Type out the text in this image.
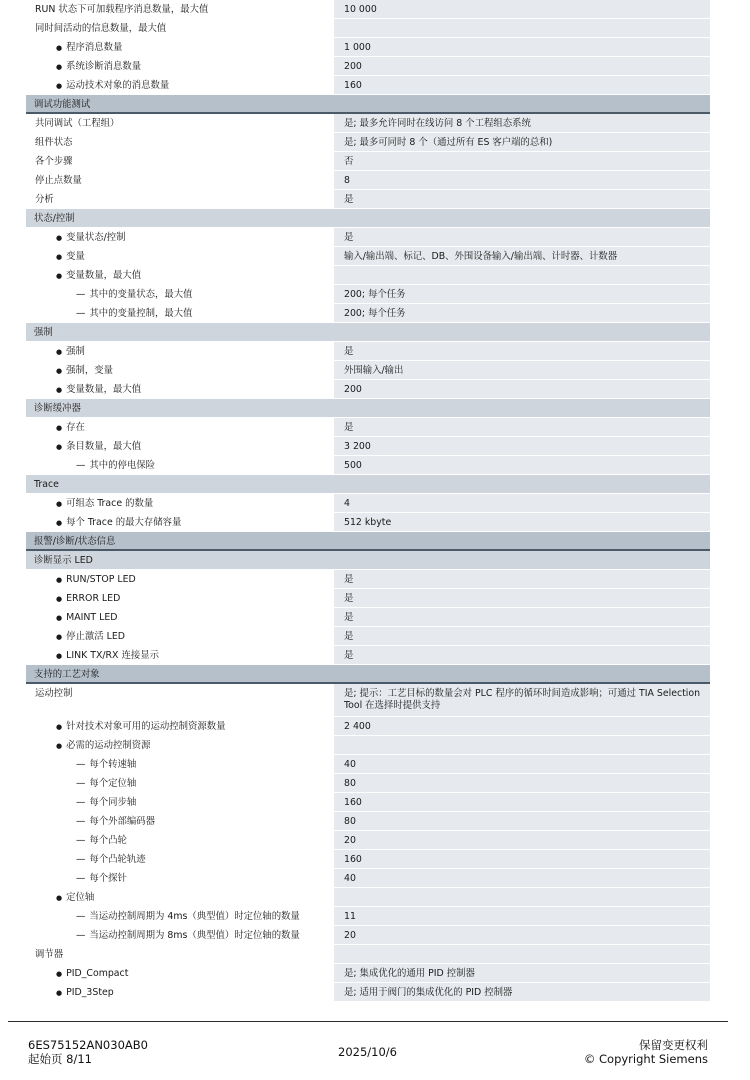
RUN 状态下可加载程序消息数量，最大值	10 000
同时间活动的信息数量，最大值
● 程序消息数量	1 000
● 系统诊断消息数量	200
● 运动技术对象的消息数量	160
调试功能测试
共同调试（工程组）	是; 最多允许同时在线访问 8 个工程组态系统
组件状态	是; 最多可同时 8 个（通过所有 ES 客户端的总和)
各个步骤	否
停止点数量	8
分析	是
状态/控制
● 变量状态/控制	是
● 变量	输入/输出端、标记、DB、外围设备输入/输出端、计时器、计数器
● 变量数量，最大值
— 其中的变量状态，最大值	200; 每个任务
— 其中的变量控制，最大值	200; 每个任务
强制
● 强制	是
● 强制，变量	外围输入/输出
● 变量数量，最大值	200
诊断缓冲器
● 存在	是
● 条目数量，最大值	3 200
— 其中的停电保险	500
Trace
● 可组态 Trace 的数量	4
● 每个 Trace 的最大存储容量	512 kbyte
报警/诊断/状态信息
诊断显示 LED
● RUN/STOP LED	是
● ERROR LED	是
● MAINT LED	是
● 停止激活 LED	是
● LINK TX/RX 连接显示	是
支持的工艺对象
运动控制	是; 提示：工艺目标的数量会对 PLC 程序的循环时间造成影响；可通过 TIA Selection Tool 在选择时提供支持
● 针对技术对象可用的运动控制资源数量	2 400
● 必需的运动控制资源
— 每个转速轴	40
— 每个定位轴	80
— 每个同步轴	160
— 每个外部编码器	80
— 每个凸轮	20
— 每个凸轮轨迹	160
— 每个探针	40
● 定位轴
— 当运动控制周期为 4ms（典型值）时定位轴的数量	11
— 当运动控制周期为 8ms（典型值）时定位轴的数量	20
调节器
● PID_Compact	是; 集成优化的通用 PID 控制器
● PID_3Step	是; 适用于阀门的集成优化的 PID 控制器
6ES75152AN030AB0
起始页 8/11	2025/10/6	保留变更权利
© Copyright Siemens
